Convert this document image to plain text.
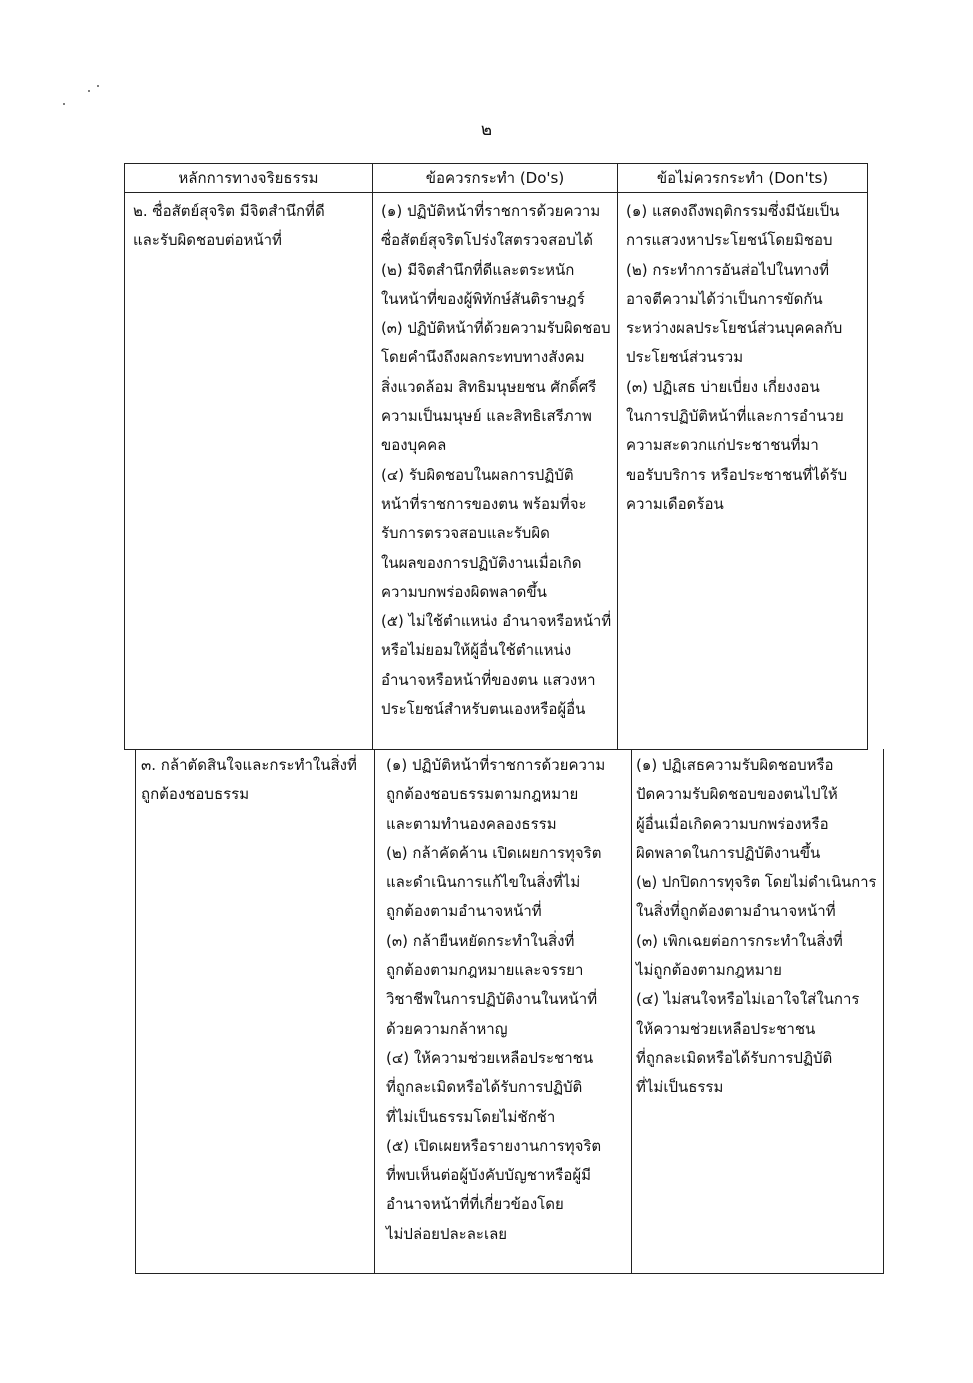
๒
หลักการทางจริยธรรม	ข้อควรกระทำ (Do's)	ข้อไม่ควรกระทำ (Don'ts)
๒. ซื่อสัตย์สุจริต มีจิตสำนึกที่ดี
และรับผิดชอบต่อหน้าที่
(๑) ปฏิบัติหน้าที่ราชการด้วยความ
ซื่อสัตย์สุจริตโปร่งใสตรวจสอบได้
(๒) มีจิตสำนึกที่ดีและตระหนัก
ในหน้าที่ของผู้พิทักษ์สันติราษฎร์
(๓) ปฏิบัติหน้าที่ด้วยความรับผิดชอบ
โดยคำนึงถึงผลกระทบทางสังคม
สิ่งแวดล้อม สิทธิมนุษยชน ศักดิ์ศรี
ความเป็นมนุษย์ และสิทธิเสรีภาพ
ของบุคคล
(๔) รับผิดชอบในผลการปฏิบัติ
หน้าที่ราชการของตน พร้อมที่จะ
รับการตรวจสอบและรับผิด
ในผลของการปฏิบัติงานเมื่อเกิด
ความบกพร่องผิดพลาดขึ้น
(๕) ไม่ใช้ตำแหน่ง อำนาจหรือหน้าที่
หรือไม่ยอมให้ผู้อื่นใช้ตำแหน่ง
อำนาจหรือหน้าที่ของตน แสวงหา
ประโยชน์สำหรับตนเองหรือผู้อื่น
(๑) แสดงถึงพฤติกรรมซึ่งมีนัยเป็น
การแสวงหาประโยชน์โดยมิชอบ
(๒) กระทำการอันส่อไปในทางที่
อาจตีความได้ว่าเป็นการขัดกัน
ระหว่างผลประโยชน์ส่วนบุคคลกับ
ประโยชน์ส่วนรวม
(๓) ปฏิเสธ บ่ายเบี่ยง เกี่ยงงอน
ในการปฏิบัติหน้าที่และการอำนวย
ความสะดวกแก่ประชาชนที่มา
ขอรับบริการ หรือประชาชนที่ได้รับ
ความเดือดร้อน
๓. กล้าตัดสินใจและกระทำในสิ่งที่
ถูกต้องชอบธรรม
(๑) ปฏิบัติหน้าที่ราชการด้วยความ
ถูกต้องชอบธรรมตามกฎหมาย
และตามทำนองคลองธรรม
(๒) กล้าคัดค้าน เปิดเผยการทุจริต
และดำเนินการแก้ไขในสิ่งที่ไม่
ถูกต้องตามอำนาจหน้าที่
(๓) กล้ายืนหยัดกระทำในสิ่งที่
ถูกต้องตามกฎหมายและจรรยา
วิชาชีพในการปฏิบัติงานในหน้าที่
ด้วยความกล้าหาญ
(๔) ให้ความช่วยเหลือประชาชน
ที่ถูกละเมิดหรือได้รับการปฏิบัติ
ที่ไม่เป็นธรรมโดยไม่ชักช้า
(๕) เปิดเผยหรือรายงานการทุจริต
ที่พบเห็นต่อผู้บังคับบัญชาหรือผู้มี
อำนาจหน้าที่ที่เกี่ยวข้องโดย
ไม่ปล่อยปละละเลย
(๑) ปฏิเสธความรับผิดชอบหรือ
ปัดความรับผิดชอบของตนไปให้
ผู้อื่นเมื่อเกิดความบกพร่องหรือ
ผิดพลาดในการปฏิบัติงานขึ้น
(๒) ปกปิดการทุจริต โดยไม่ดำเนินการ
ในสิ่งที่ถูกต้องตามอำนาจหน้าที่
(๓) เพิกเฉยต่อการกระทำในสิ่งที่
ไม่ถูกต้องตามกฎหมาย
(๔) ไม่สนใจหรือไม่เอาใจใส่ในการ
ให้ความช่วยเหลือประชาชน
ที่ถูกละเมิดหรือได้รับการปฏิบัติ
ที่ไม่เป็นธรรม
